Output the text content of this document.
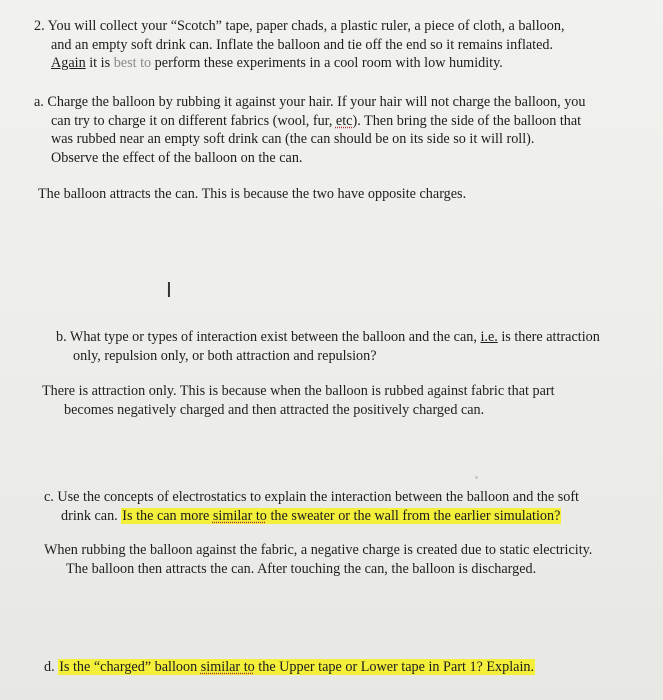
2. You will collect your “Scotch” tape, paper chads, a plastic ruler, a piece of cloth, a balloon,
and an empty soft drink can. Inflate the balloon and tie off the end so it remains inflated.
Again it is best to perform these experiments in a cool room with low humidity.
a. Charge the balloon by rubbing it against your hair. If your hair will not charge the balloon, you
can try to charge it on different fabrics (wool, fur, etc). Then bring the side of the balloon that
was rubbed near an empty soft drink can (the can should be on its side so it will roll).
Observe the effect of the balloon on the can.
The balloon attracts the can. This is because the two have opposite charges.
I
b. What type or types of interaction exist between the balloon and the can, i.e. is there attraction
only, repulsion only, or both attraction and repulsion?
There is attraction only. This is because when the balloon is rubbed against fabric that part
becomes negatively charged and then attracted the positively charged can.
c. Use the concepts of electrostatics to explain the interaction between the balloon and the soft
drink can. Is the can more similar to the sweater or the wall from the earlier simulation?
When rubbing the balloon against the fabric, a negative charge is created due to static electricity.
The balloon then attracts the can. After touching the can, the balloon is discharged.
d. Is the “charged” balloon similar to the Upper tape or Lower tape in Part 1? Explain.
